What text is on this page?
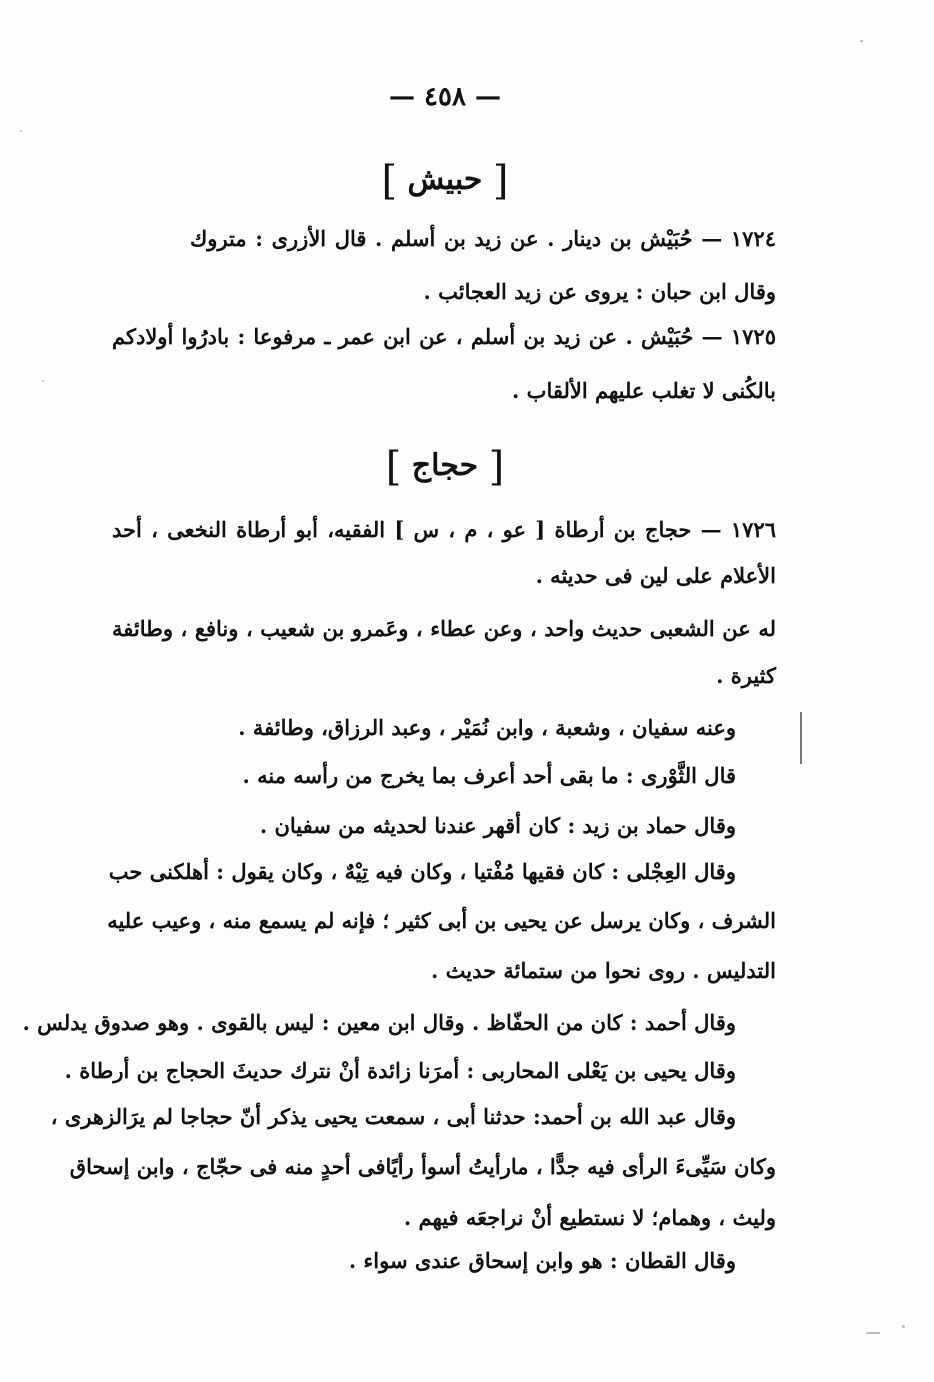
— ٤٥٨ —
[ حبيش ]
١٧٢٤ — حُبَيْش بن دينار . عن زيد بن أسلم . قال الأزرى : متروك
وقال ابن حبان : يروى عن زيد العجائب .
١٧٢٥ — حُبَيْش . عن زيد بن أسلم ، عن ابن عمر ـ مرفوعا : بادرُوا أولادكم
بالكُنى لا تغلب عليهم الألقاب .
[ حجاج ]
١٧٢٦ — حجاج بن أرطاة [ عو ، م ، س ] الفقيه، أبو أرطاة النخعى ، أحد
الأعلام على لين فى حديثه .
له عن الشعبى حديث واحد ، وعن عطاء ، وعَمرو بن شعيب ، ونافع ، وطائفة
كثيرة .
وعنه سفيان ، وشعبة ، وابن نُمَيْر ، وعبد الرزاق، وطائفة .
قال الثَّوْرى : ما بقى أحد أعرف بما يخرج من رأسه منه .
وقال حماد بن زيد : كان أقهر عندنا لحديثه من سفيان .
وقال العِجْلى : كان فقيها مُفْتيا ، وكان فيه تِيْهٌ ، وكان يقول : أهلكنى حب
الشرف ، وكان يرسل عن يحيى بن أبى كثير ؛ فإنه لم يسمع منه ، وعيب عليه
التدليس . روى نحوا من ستمائة حديث .
وقال أحمد : كان من الحفّاظ . وقال ابن معين : ليس بالقوى . وهو صدوق يدلس .
وقال يحيى بن يَعْلى المحاربى : أمرَنا زائدة أنْ نترك حديثَ الحجاج بن أرطاة .
وقال عبد الله بن أحمد: حدثنا أبى ، سمعت يحيى يذكر أنّ حجاجا لم يرَالزهرى ،
وكان سَيِّىءَ الرأى فيه جدًّا ، مارأيتُ أسوأ رأيًافى أحدٍ منه فى حجّاج ، وابن إسحاق
وليث ، وهمام؛ لا نستطيع أنْ نراجعَه فيهم .
وقال القطان : هو وابن إسحاق عندى سواء .
